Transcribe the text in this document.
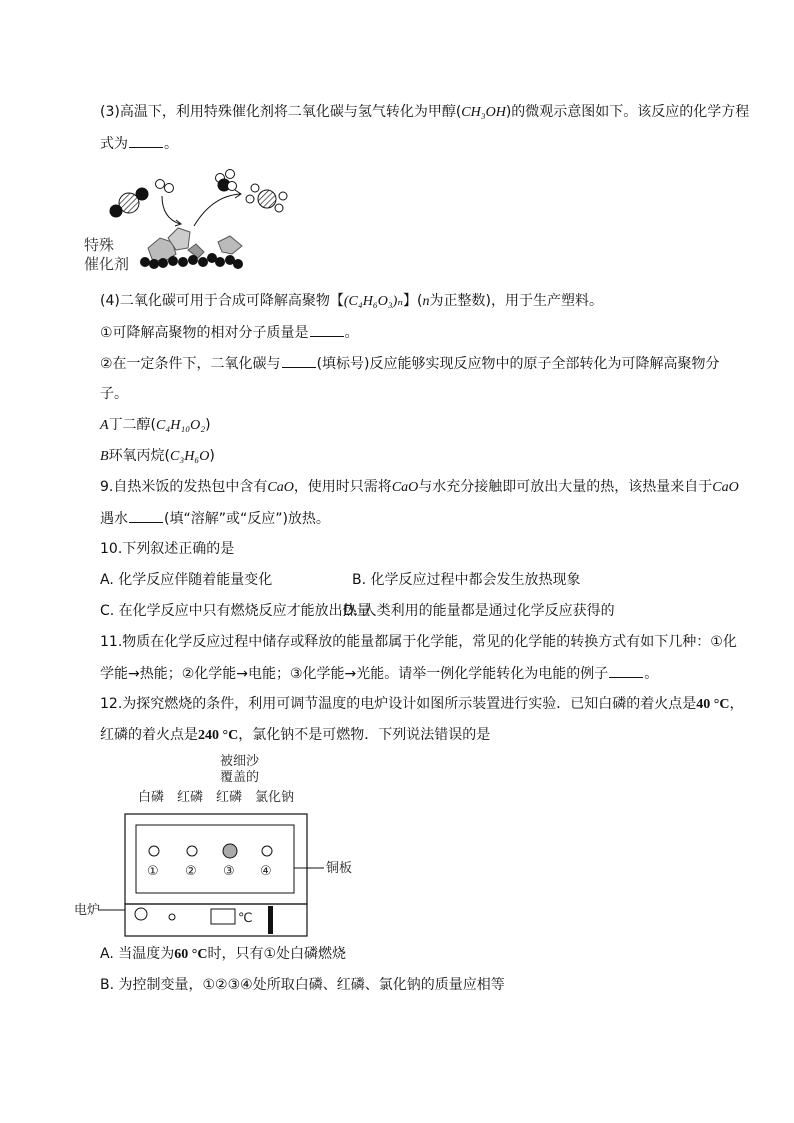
(3)高温下，利用特殊催化剂将二氧化碳与氢气转化为甲醇(CH₃OH)的微观示意图如下。该反应的化学方程
式为	。
特殊
催化剂
(4)二氧化碳可用于合成可降解高聚物【(C₄H₆O₃)ₙ】(n为正整数)，用于生产塑料。
①可降解高聚物的相对分子质量是	。
②在一定条件下，二氧化碳与	(填标号)反应能够实现反应物中的原子全部转化为可降解高聚物分
子。
A丁二醇(C₄H₁₀O₂)
B环氧丙烷(C₃H₆O)
9.自热米饭的发热包中含有CaO，使用时只需将CaO与水充分接触即可放出大量的热，该热量来自于CaO
遇水	(填“溶解”或“反应”)放热。
10.下列叙述正确的是
A. 化学反应伴随着能量变化	B. 化学反应过程中都会发生放热现象
C. 在化学反应中只有燃烧反应才能放出热量
D. 人类利用的能量都是通过化学反应获得的
11.物质在化学反应过程中储存或释放的能量都属于化学能，常见的化学能的转换方式有如下几种：①化
学能→热能；②化学能→电能；③化学能→光能。请举一例化学能转化为电能的例子	。
12.为探究燃烧的条件，利用可调节温度的电炉设计如图所示装置进行实验．已知白磷的着火点是40 °C，
红磷的着火点是240 °C，氯化钠不是可燃物．下列说法错误的是
被细沙
覆盖的
白磷 红磷 红磷 氯化钠
铜板
① ② ③ ④
电炉
℃
A. 当温度为60 °C时，只有①处白磷燃烧
B. 为控制变量，①②③④处所取白磷、红磷、氯化钠的质量应相等
